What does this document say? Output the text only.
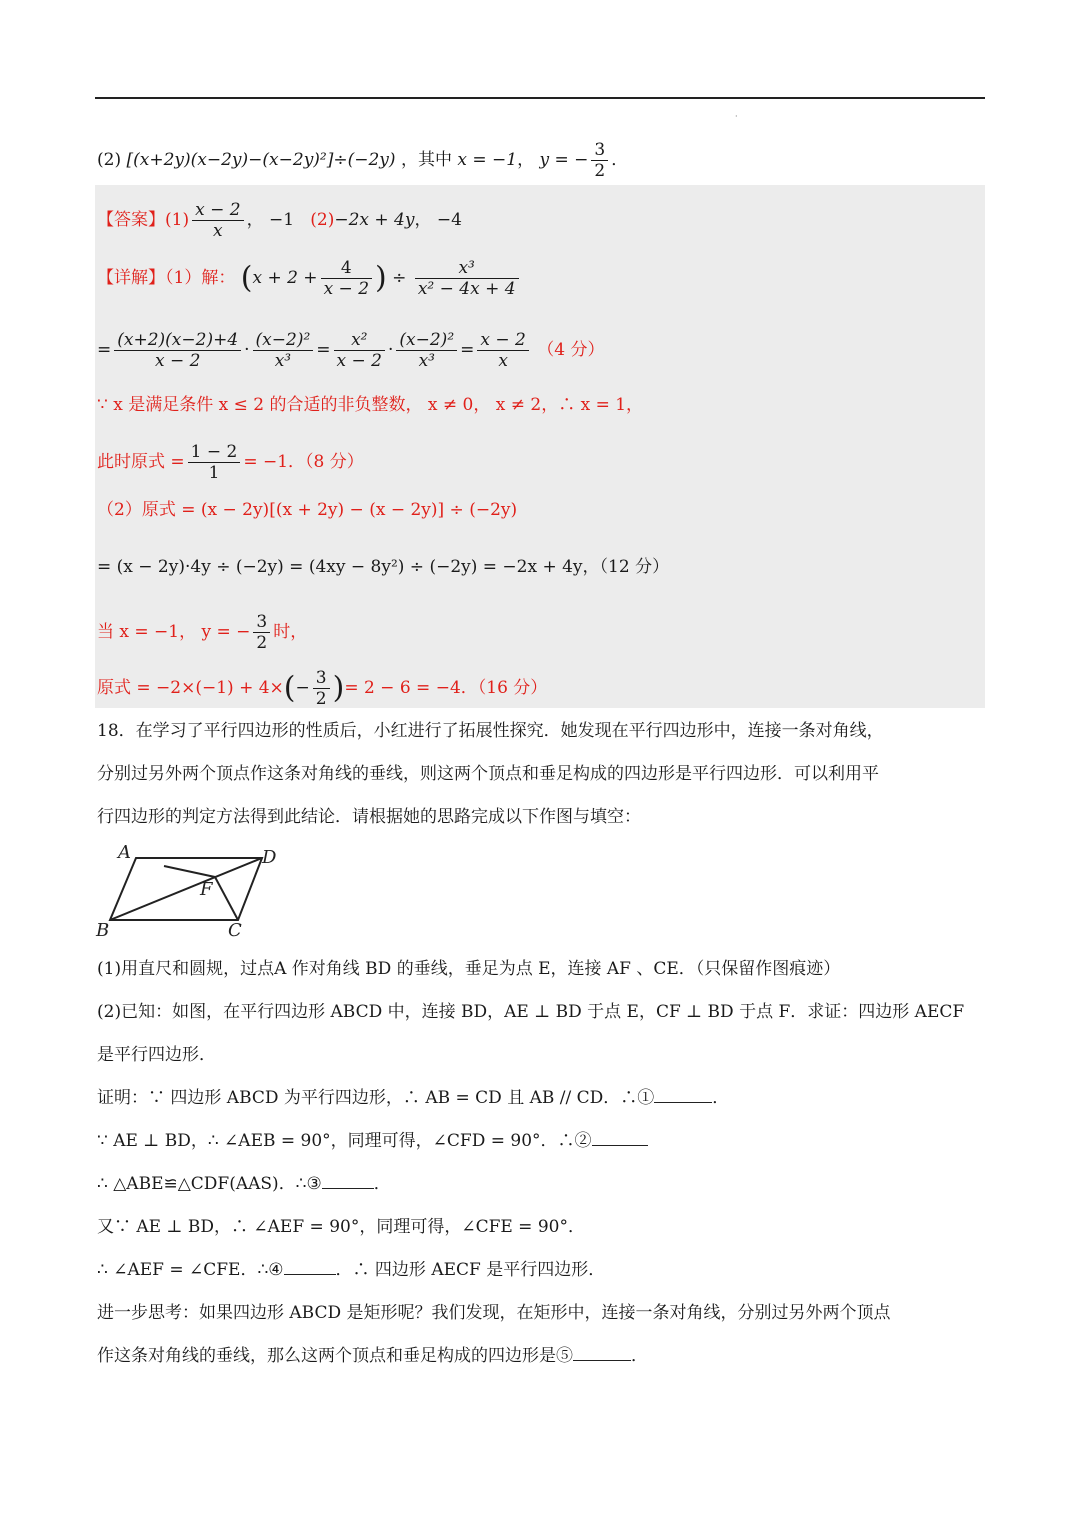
·
(2) [(x+2y)(x−2y)−(x−2y)²]÷(−2y) ，其中 x = −1， y = − $\frac{3}{2}$ ．
【答案】$(1) \frac{x - 2}{x}$ ， −1 (2)−2x + 4y， −4
【详解】（1）解： ($x + 2 + \frac{4}{x - 2}$ ) ÷ $\frac{\text{x³}}{\text{x² − 4x + 4}}$
= $\frac{(x+2)(x-2)+4}{x - 2} \cdot \frac{\text{(x−2)²}}{\text{x³}} = \frac{\text{x²}}{x - 2} \cdot \frac{\text{(x−2)²}}{\text{x³}} = \frac{x - 2}{x} (4$ 分）
∵ x 是满足条件 x ≤ 2 的合适的非负整数， x ≠ 0， x ≠ 2，∴ x = 1，
此时原式 = $\frac{1 - 2}{1} = -1$．（8 分）
（2）原式 = (x − 2y)[(x + 2y) − (x − 2y)] ÷ (−2y)
= (x − 2y)·4y ÷ (−2y) = (4xy − 8y²) ÷ (−2y) = −2x + 4y，（12 分）
当 x = −1， y = − $\frac{3}{2}$ 时，
原式 = $-2\times(-1) + 4\times(- \frac{3}{2}$ )= 2 − 6 = −4．（16 分）
18．在学习了平行四边形的性质后，小红进行了拓展性探究．她发现在平行四边形中，连接一条对角线，
分别过另外两个顶点作这条对角线的垂线，则这两个顶点和垂足构成的四边形是平行四边形．可以利用平
行四边形的判定方法得到此结论．请根据她的思路完成以下作图与填空：
A	D
F
B	C
(1)用直尺和圆规，过点A 作对角线 BD 的垂线，垂足为点 E，连接 AF 、CE．（只保留作图痕迹）
(2)已知：如图，在平行四边形 ABCD 中，连接 BD，AE ⊥ BD 于点 E，CF ⊥ BD 于点 F．求证：四边形 AECF
是平行四边形．
证明：∵ 四边形 ABCD 为平行四边形，∴ AB = CD 且 AB // CD．∴①	．
∵ AE ⊥ BD，∴ ∠AEB = 90°，同理可得，∠CFD = 90°．∴②
∴ △ABE≌△CDF(AAS)．∴③	．
又∵ AE ⊥ BD，∴ ∠AEF = 90°，同理可得，∠CFE = 90°．
∴ ∠AEF = ∠CFE．∴④	．∴ 四边形 AECF 是平行四边形．
进一步思考：如果四边形 ABCD 是矩形呢？我们发现，在矩形中，连接一条对角线，分别过另外两个顶点
作这条对角线的垂线，那么这两个顶点和垂足构成的四边形是⑤	．
